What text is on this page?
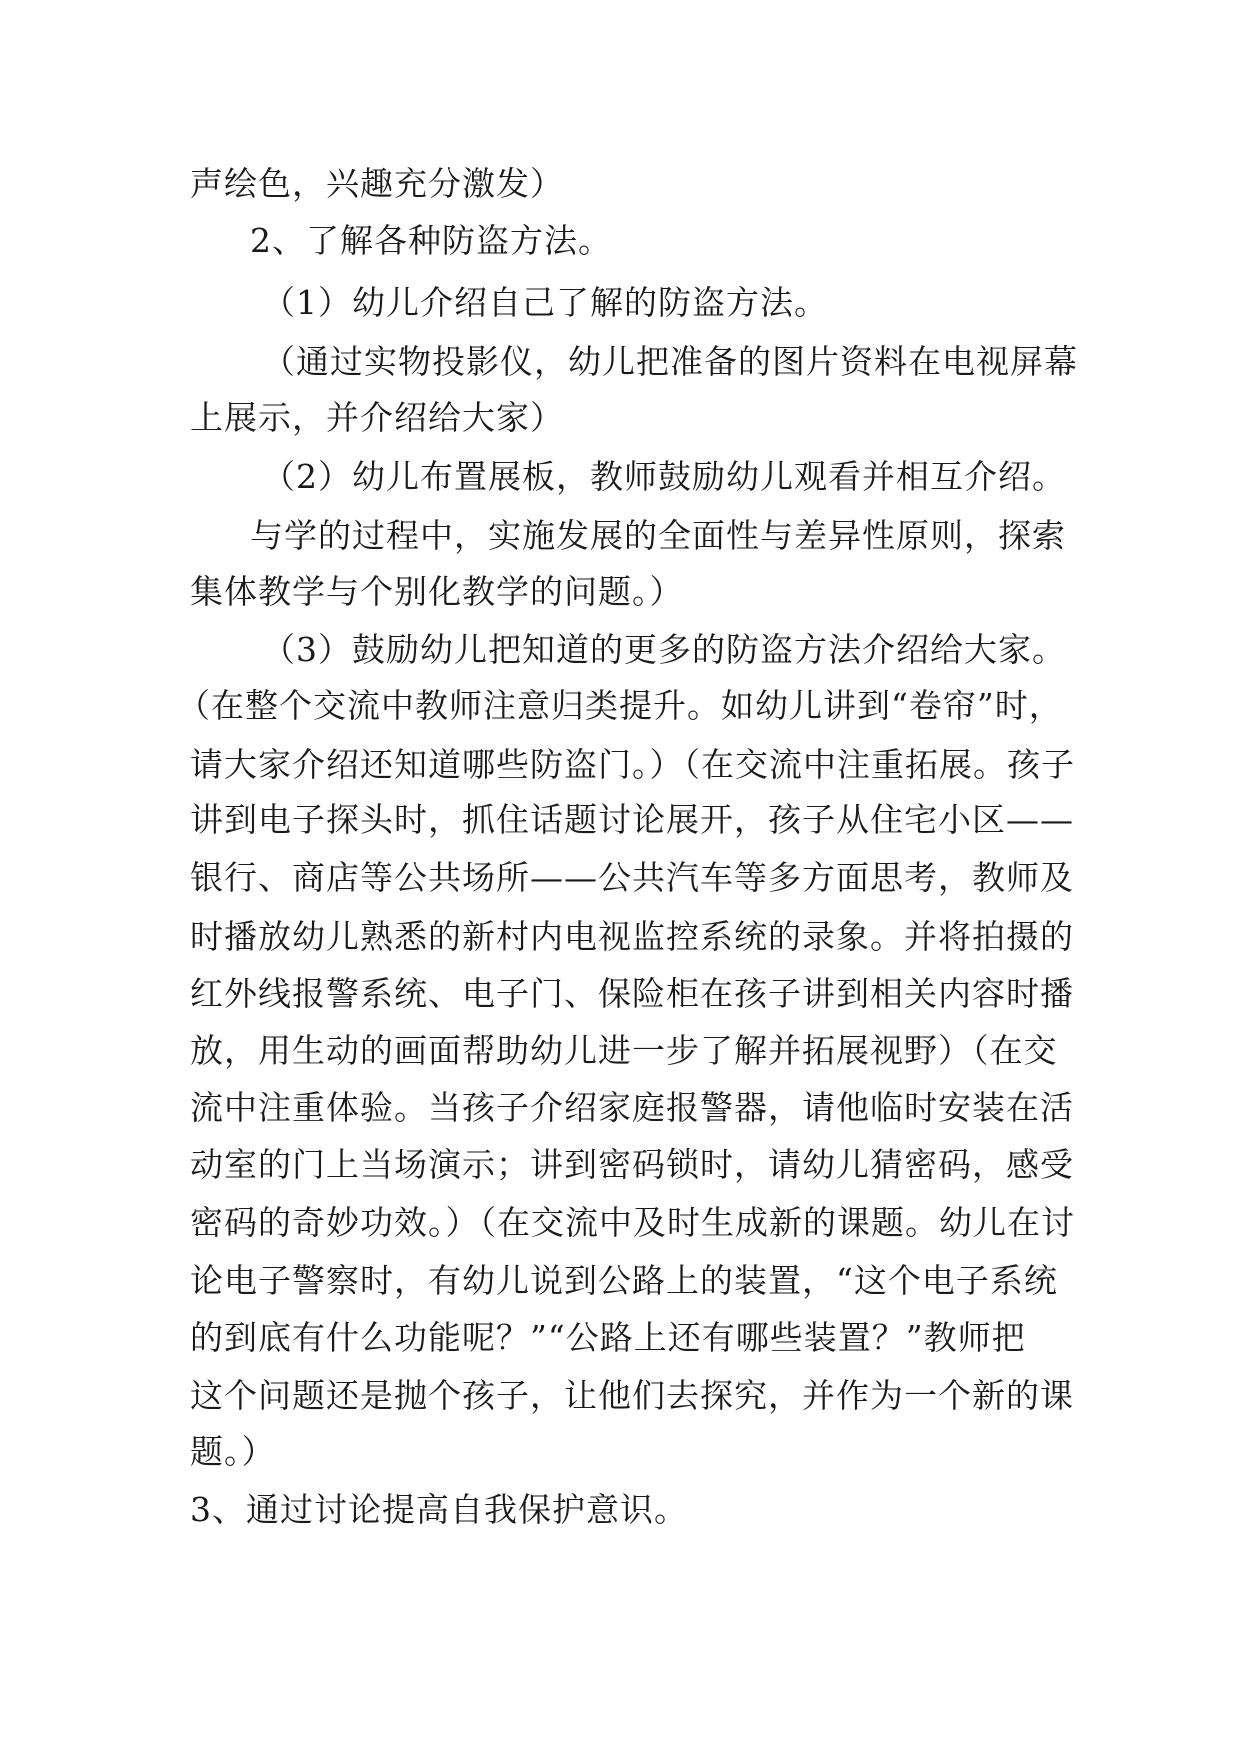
声绘色，兴趣充分激发）
2、了解各种防盗方法。
（1）幼儿介绍自己了解的防盗方法。
（通过实物投影仪，幼儿把准备的图片资料在电视屏幕
上展示，并介绍给大家）
（2）幼儿布置展板，教师鼓励幼儿观看并相互介绍。
与学的过程中，实施发展的全面性与差异性原则，探索
集体教学与个别化教学的问题。）
（3）鼓励幼儿把知道的更多的防盗方法介绍给大家。
（在整个交流中教师注意归类提升。如幼儿讲到“卷帘”时，
请大家介绍还知道哪些防盗门。）（在交流中注重拓展。孩子
讲到电子探头时，抓住话题讨论展开，孩子从住宅小区——
银行、商店等公共场所——公共汽车等多方面思考，教师及
时播放幼儿熟悉的新村内电视监控系统的录象。并将拍摄的
红外线报警系统、电子门、保险柜在孩子讲到相关内容时播
放，用生动的画面帮助幼儿进一步了解并拓展视野）（在交
流中注重体验。当孩子介绍家庭报警器，请他临时安装在活
动室的门上当场演示；讲到密码锁时，请幼儿猜密码，感受
密码的奇妙功效。）（在交流中及时生成新的课题。幼儿在讨
论电子警察时，有幼儿说到公路上的装置，“这个电子系统
的到底有什么功能呢？”“公路上还有哪些装置？”教师把
这个问题还是抛个孩子，让他们去探究，并作为一个新的课
题。）
3、通过讨论提高自我保护意识。
